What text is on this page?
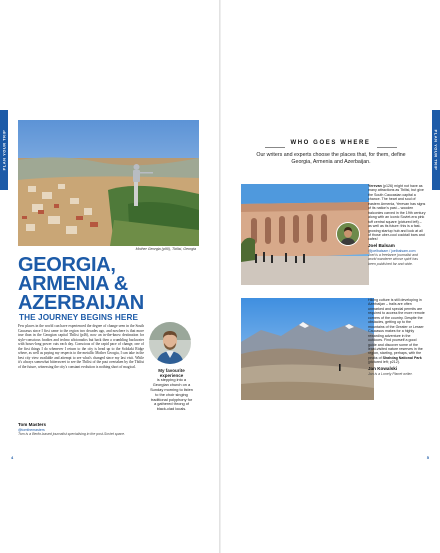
PLAN YOUR TRIP
Mother Georgia (p90), Tbilisi, Georgia
GEORGIA,
ARMENIA &
AZERBAIJAN
THE JOURNEY BEGINS HERE

Few places in the world can have experienced the degree of change seen in the South Caucasus since I first came to the region two decades ago, and nowhere is that more true than in the Georgian capital Tbilisi (p46), now an in-the-know destination for style-conscious foodies and techno aficionados but back then a crumbling backwater with hours-long power cuts each day. Conscious of the rapid pace of change, one of the first things I do whenever I return to the city is head up to the Sololaki Ridge where, as well as paying my respects to the metallic Mother Georgia, I can take in the best city view available and attempt to see what's changed since my last visit. While it's always somewhat bittersweet to see the Tbilisi of the past overtaken by the Tbilisi of the future, witnessing the city's constant evolution is nothing short of magical.

Tom Masters

@tomthemasters

Tom is a Berlin-based journalist specialising in the post-Soviet space.

My favourite
experience
is stepping into a Georgian church on a Sunday morning to listen to the choir singing traditional polyphony for a gathered throng of black-clad locals.
4
PLAN YOUR TRIP
WHO GOES WHERE
Our writers and experts choose the places that, for them, define Georgia, Armenia and Azerbaijan.

Yerevan (p126) might not have as many attractions as Tbilisi, but give the South Caucasian capital a chance. The heart and soul of eastern Armenia, Yerevan has signs of its nation's past – wooden balconies carved in the 19th century along with an iconic Soviet-era pink tuff central square (pictured left) – as well as its future: this is a fast-growing startup hub and look at all of those uber-cool cocktail bars and cafes!

Joel Balsam

@joelbalsam / joelbalsam.com

Joel is a freelance journalist and world wanderer whose spirit has been published far and wide.

Hiking culture is still developing in Azerbaijan – trails are often unmarked and special permits are required to access the more remote corners of the country. Despite the obstacles, getting up to the mountains of the Greater or Lesser Caucasus makes for a highly rewarding adventure in the outdoors. Find yourself a good guide and discover some of the least-visited nature reserves in the region, starting, perhaps, with the peaks of Shahdag National Park (pictured left; p212).

Jan Kowalski

Jan is a Lonely Planet writer.

5
